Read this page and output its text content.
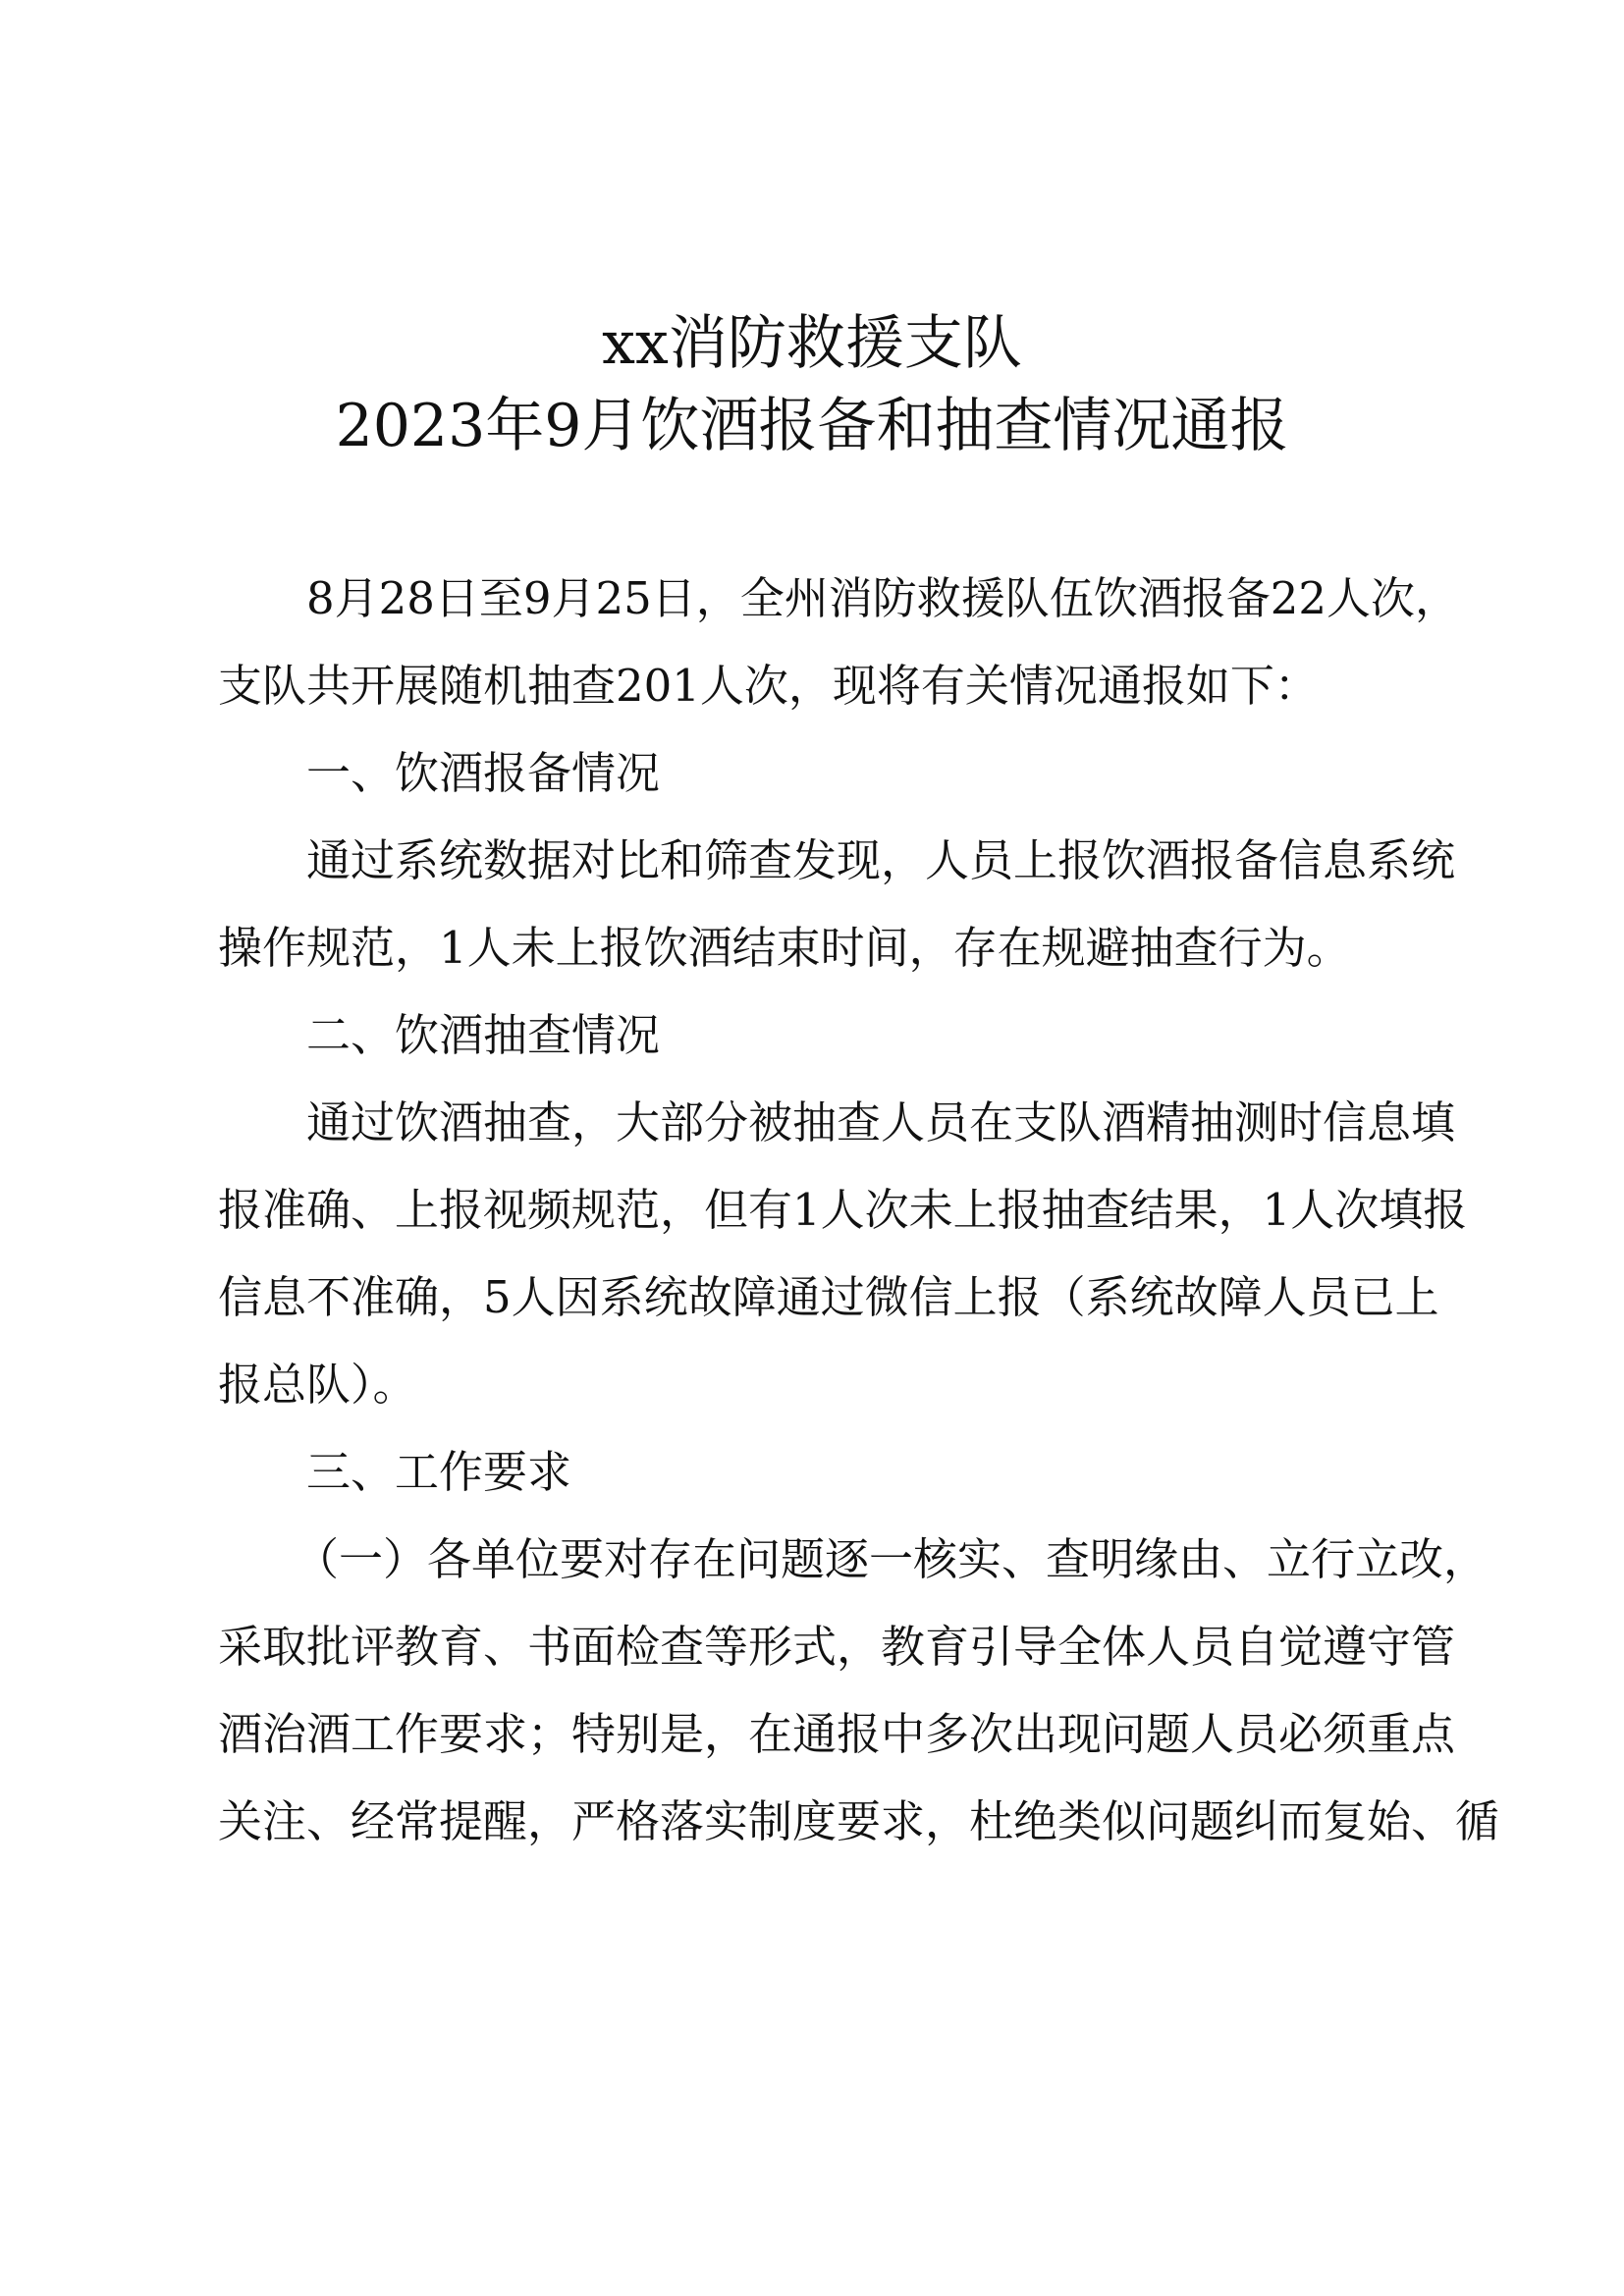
xx消防救援支队
2023年9月饮酒报备和抽查情况通报
8月28日至9月25日，全州消防救援队伍饮酒报备22人次，
支队共开展随机抽查201人次，现将有关情况通报如下：
一、饮酒报备情况
通过系统数据对比和筛查发现，人员上报饮酒报备信息系统
操作规范，1人未上报饮酒结束时间，存在规避抽查行为。
二、饮酒抽查情况
通过饮酒抽查，大部分被抽查人员在支队酒精抽测时信息填
报准确、上报视频规范，但有1人次未上报抽查结果，1人次填报
信息不准确，5人因系统故障通过微信上报（系统故障人员已上
报总队）。
三、工作要求
（一）各单位要对存在问题逐一核实、查明缘由、立行立改，
采取批评教育、书面检查等形式，教育引导全体人员自觉遵守管
酒治酒工作要求；特别是，在通报中多次出现问题人员必须重点
关注、经常提醒，严格落实制度要求，杜绝类似问题纠而复始、循
